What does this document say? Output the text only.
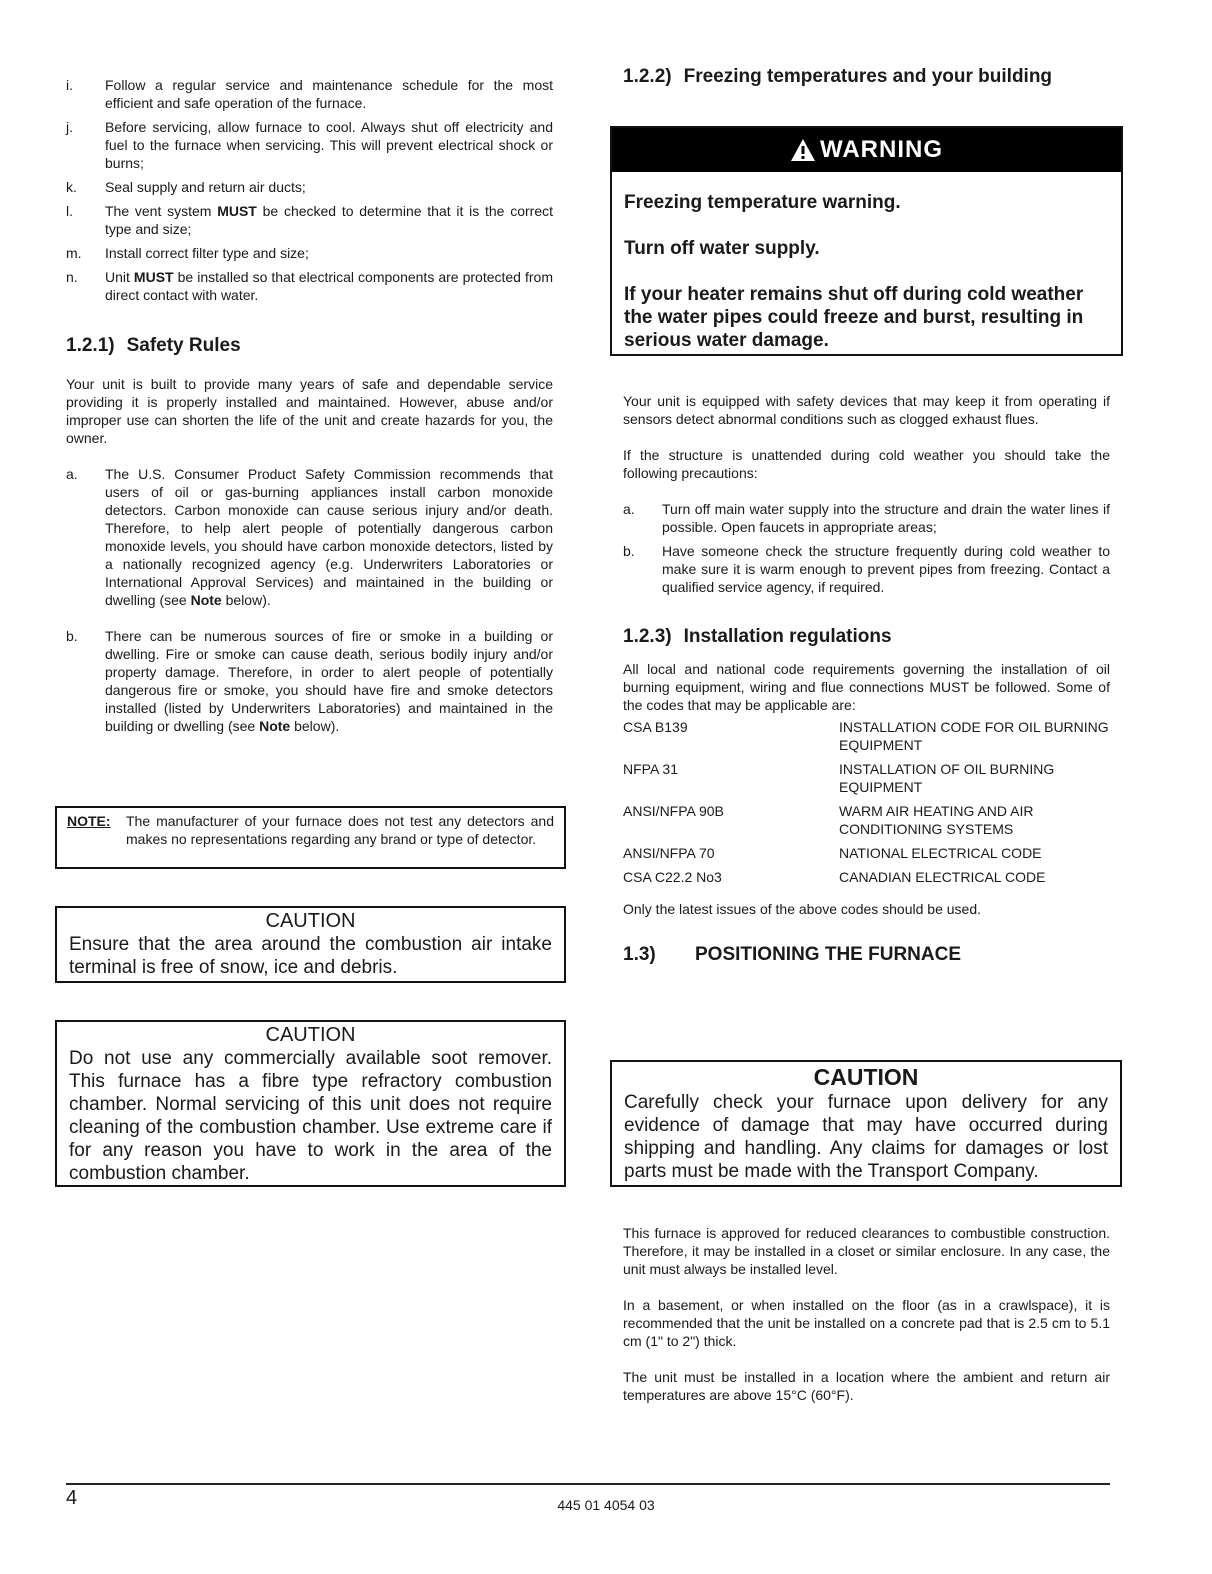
i. Follow a regular service and maintenance schedule for the most efficient and safe operation of the furnace.
j. Before servicing, allow furnace to cool. Always shut off electricity and fuel to the furnace when servicing. This will prevent electrical shock or burns;
k. Seal supply and return air ducts;
l. The vent system MUST be checked to determine that it is the correct type and size;
m. Install correct filter type and size;
n. Unit MUST be installed so that electrical components are protected from direct contact with water.
1.2.1) Safety Rules

Your unit is built to provide many years of safe and dependable service providing it is properly installed and maintained. However, abuse and/or improper use can shorten the life of the unit and create hazards for you, the owner.

a. The U.S. Consumer Product Safety Commission recommends that users of oil or gas-burning appliances install carbon monoxide detectors. Carbon monoxide can cause serious injury and/or death. Therefore, to help alert people of potentially dangerous carbon monoxide levels, you should have carbon monoxide detectors, listed by a nationally recognized agency (e.g. Underwriters Laboratories or International Approval Services) and maintained in the building or dwelling (see Note below).
b. There can be numerous sources of fire or smoke in a building or dwelling. Fire or smoke can cause death, serious bodily injury and/or property damage. Therefore, in order to alert people of potentially dangerous fire or smoke, you should have fire and smoke detectors installed (listed by Underwriters Laboratories) and maintained in the building or dwelling (see Note below).
NOTE: The manufacturer of your furnace does not test any detectors and makes no representations regarding any brand or type of detector.
CAUTION
Ensure that the area around the combustion air intake terminal is free of snow, ice and debris.
CAUTION
Do not use any commercially available soot remover. This furnace has a fibre type refractory combustion chamber. Normal servicing of this unit does not require cleaning of the combustion chamber. Use extreme care if for any reason you have to work in the area of the combustion chamber.
1.2.2) Freezing temperatures and your building
WARNING
Freezing temperature warning.
Turn off water supply.
If your heater remains shut off during cold weather the water pipes could freeze and burst, resulting in serious water damage.

Your unit is equipped with safety devices that may keep it from operating if sensors detect abnormal conditions such as clogged exhaust flues.

If the structure is unattended during cold weather you should take the following precautions:

a. Turn off main water supply into the structure and drain the water lines if possible. Open faucets in appropriate areas;
b. Have someone check the structure frequently during cold weather to make sure it is warm enough to prevent pipes from freezing. Contact a qualified service agency, if required.
1.2.3) Installation regulations

All local and national code requirements governing the installation of oil burning equipment, wiring and flue connections MUST be followed. Some of the codes that may be applicable are:

CSA B139	INSTALLATION CODE FOR OIL BURNING EQUIPMENT
NFPA 31	INSTALLATION OF OIL BURNING EQUIPMENT
ANSI/NFPA 90B	WARM AIR HEATING AND AIR CONDITIONING SYSTEMS
ANSI/NFPA 70	NATIONAL ELECTRICAL CODE
CSA C22.2 No3	CANADIAN ELECTRICAL CODE

Only the latest issues of the above codes should be used.

1.3) POSITIONING THE FURNACE
CAUTION
Carefully check your furnace upon delivery for any evidence of damage that may have occurred during shipping and handling. Any claims for damages or lost parts must be made with the Transport Company.

This furnace is approved for reduced clearances to combustible construction. Therefore, it may be installed in a closet or similar enclosure. In any case, the unit must always be installed level.

In a basement, or when installed on the floor (as in a crawlspace), it is recommended that the unit be installed on a concrete pad that is 2.5 cm to 5.1 cm (1" to 2") thick.

The unit must be installed in a location where the ambient and return air temperatures are above 15°C (60°F).

4	445 01 4054 03
